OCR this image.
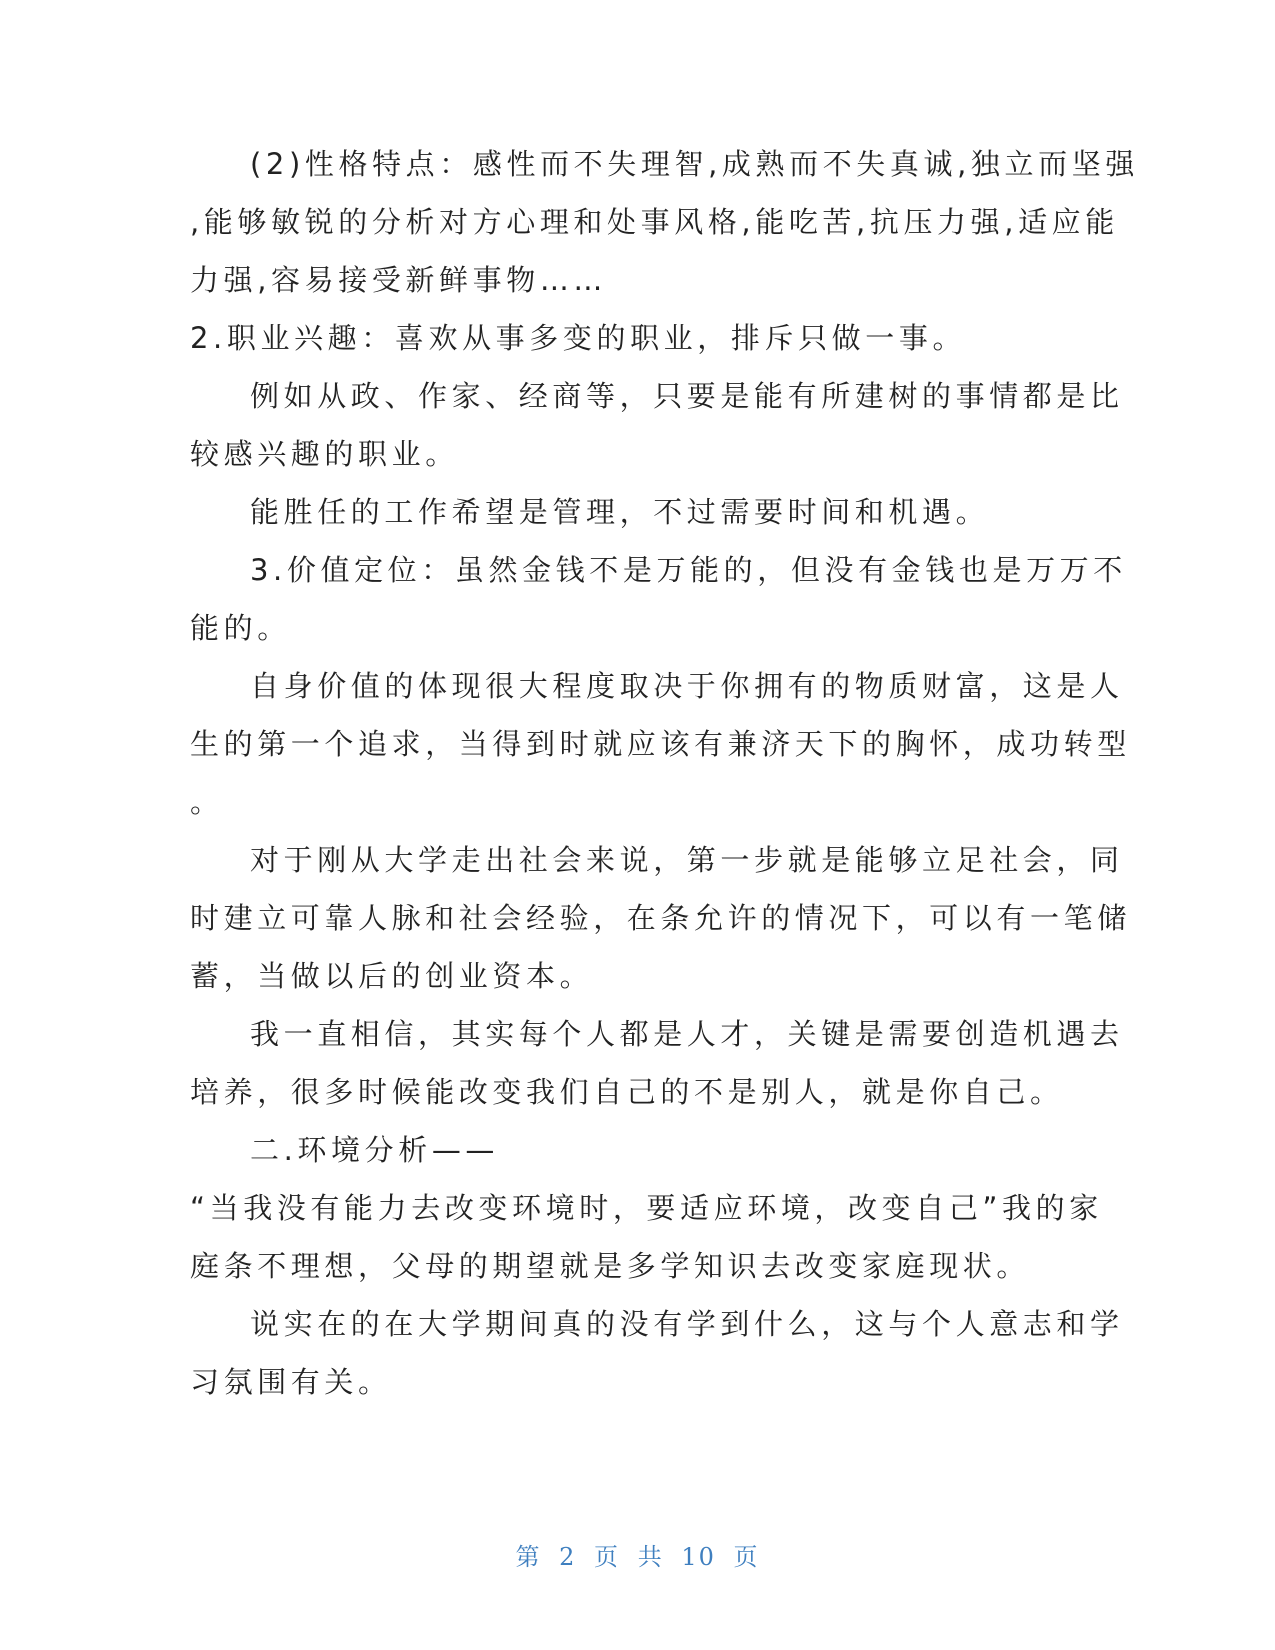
(2)性格特点：感性而不失理智,成熟而不失真诚,独立而坚强
,能够敏锐的分析对方心理和处事风格,能吃苦,抗压力强,适应能
力强,容易接受新鲜事物……
2.职业兴趣：喜欢从事多变的职业，排斥只做一事。
例如从政、作家、经商等，只要是能有所建树的事情都是比
较感兴趣的职业。
能胜任的工作希望是管理，不过需要时间和机遇。
3.价值定位：虽然金钱不是万能的，但没有金钱也是万万不
能的。
自身价值的体现很大程度取决于你拥有的物质财富，这是人
生的第一个追求，当得到时就应该有兼济天下的胸怀，成功转型
。
对于刚从大学走出社会来说，第一步就是能够立足社会，同
时建立可靠人脉和社会经验，在条允许的情况下，可以有一笔储
蓄，当做以后的创业资本。
我一直相信，其实每个人都是人才，关键是需要创造机遇去
培养，很多时候能改变我们自己的不是别人，就是你自己。
二.环境分析——
“当我没有能力去改变环境时，要适应环境，改变自己”我的家
庭条不理想，父母的期望就是多学知识去改变家庭现状。
说实在的在大学期间真的没有学到什么，这与个人意志和学
习氛围有关。
第 2 页 共 10 页
